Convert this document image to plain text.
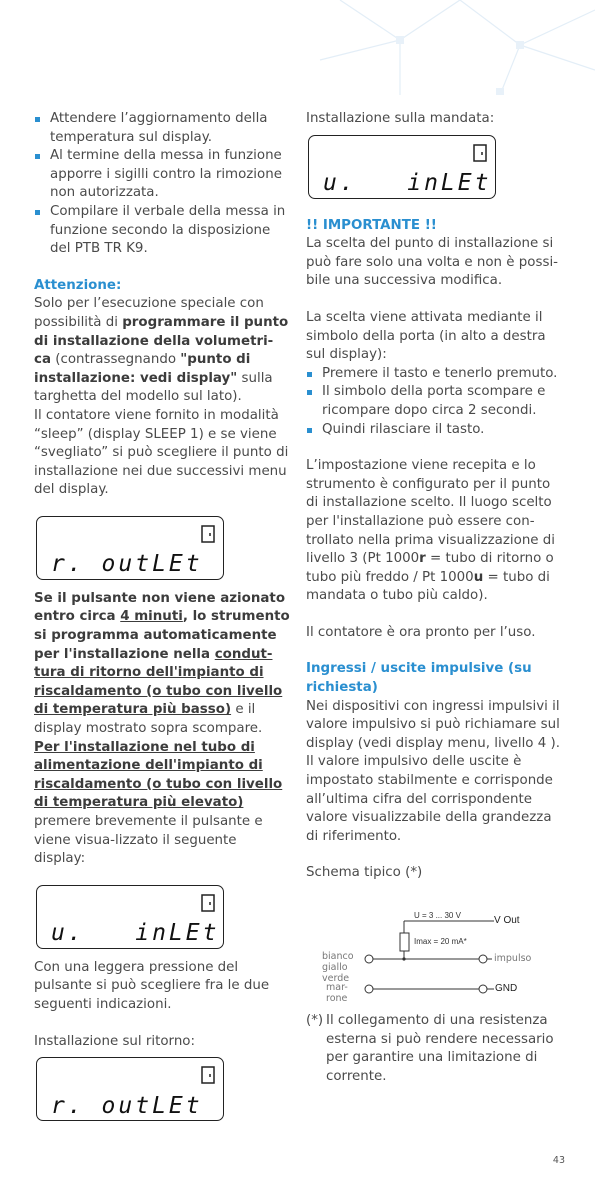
Attendere l’aggiornamento della temperatura sul display.
Al termine della messa in funzione apporre i sigilli contro la rimozione non autorizzata.
Compilare il verbale della messa in funzione secondo la disposizione del PTB TR K9.

Attenzione:

Solo per l’esecuzione speciale con possibilità di programmare il punto di installazione della volumetri-ca (contrassegnando "punto di installazione: vedi display" sulla targhetta del modello sul lato).

Il contatore viene fornito in modalità “sleep” (display SLEEP 1) e se viene “svegliato” si può scegliere il punto di installazione nei due successivi menu del display.

r. outLEt

Se il pulsante non viene azionato entro circa 4 minuti, lo strumento si programma automaticamente per l'installazione nella condut-tura di ritorno dell'impianto di riscaldamento (o tubo con livello di temperatura più basso) e il display mostrato sopra scompare.
Per l'installazione nel tubo di alimentazione dell'impianto di riscaldamento (o tubo con livello di temperatura più elevato) premere brevemente il pulsante e viene visua-lizzato il seguente display:

u.   inLEt

Con una leggera pressione del pulsante si può scegliere fra le due seguenti indicazioni.

Installazione sul ritorno:

r. outLEt

Installazione sulla mandata:

u.   inLEt

!! IMPORTANTE !!

La scelta del punto di installazione si può fare solo una volta e non è possi-bile una successiva modifica.

La scelta viene attivata mediante il simbolo della porta (in alto a destra sul display):

Premere il tasto e tenerlo premuto.
Il simbolo della porta scompare e ricompare dopo circa 2 secondi.
Quindi rilasciare il tasto.

L’impostazione viene recepita e lo strumento è configurato per il punto di installazione scelto. Il luogo scelto per l'installazione può essere con-trollato nella prima visualizzazione di livello 3 (Pt 1000r = tubo di ritorno o tubo più freddo / Pt 1000u = tubo di mandata o tubo più caldo).

Il contatore è ora pronto per l’uso.

Ingressi / uscite impulsive (su richiesta)

Nei dispositivi con ingressi impulsivi il valore impulsivo si può richiamare sul display (vedi display menu, livello 4 ). Il valore impulsivo delle uscite è impostato stabilmente e corrisponde all’ultima cifra del corrispondente valore visualizzabile della grandezza di riferimento.

Schema tipico (*)

U = 3 ... 30 V
Imax = 20 mA*
bianco giallo verde
mar-rone
V Out
impulso
GND
(*) Il collegamento di una resistenza esterna si può rendere necessario per garantire una limitazione di corrente.
43
